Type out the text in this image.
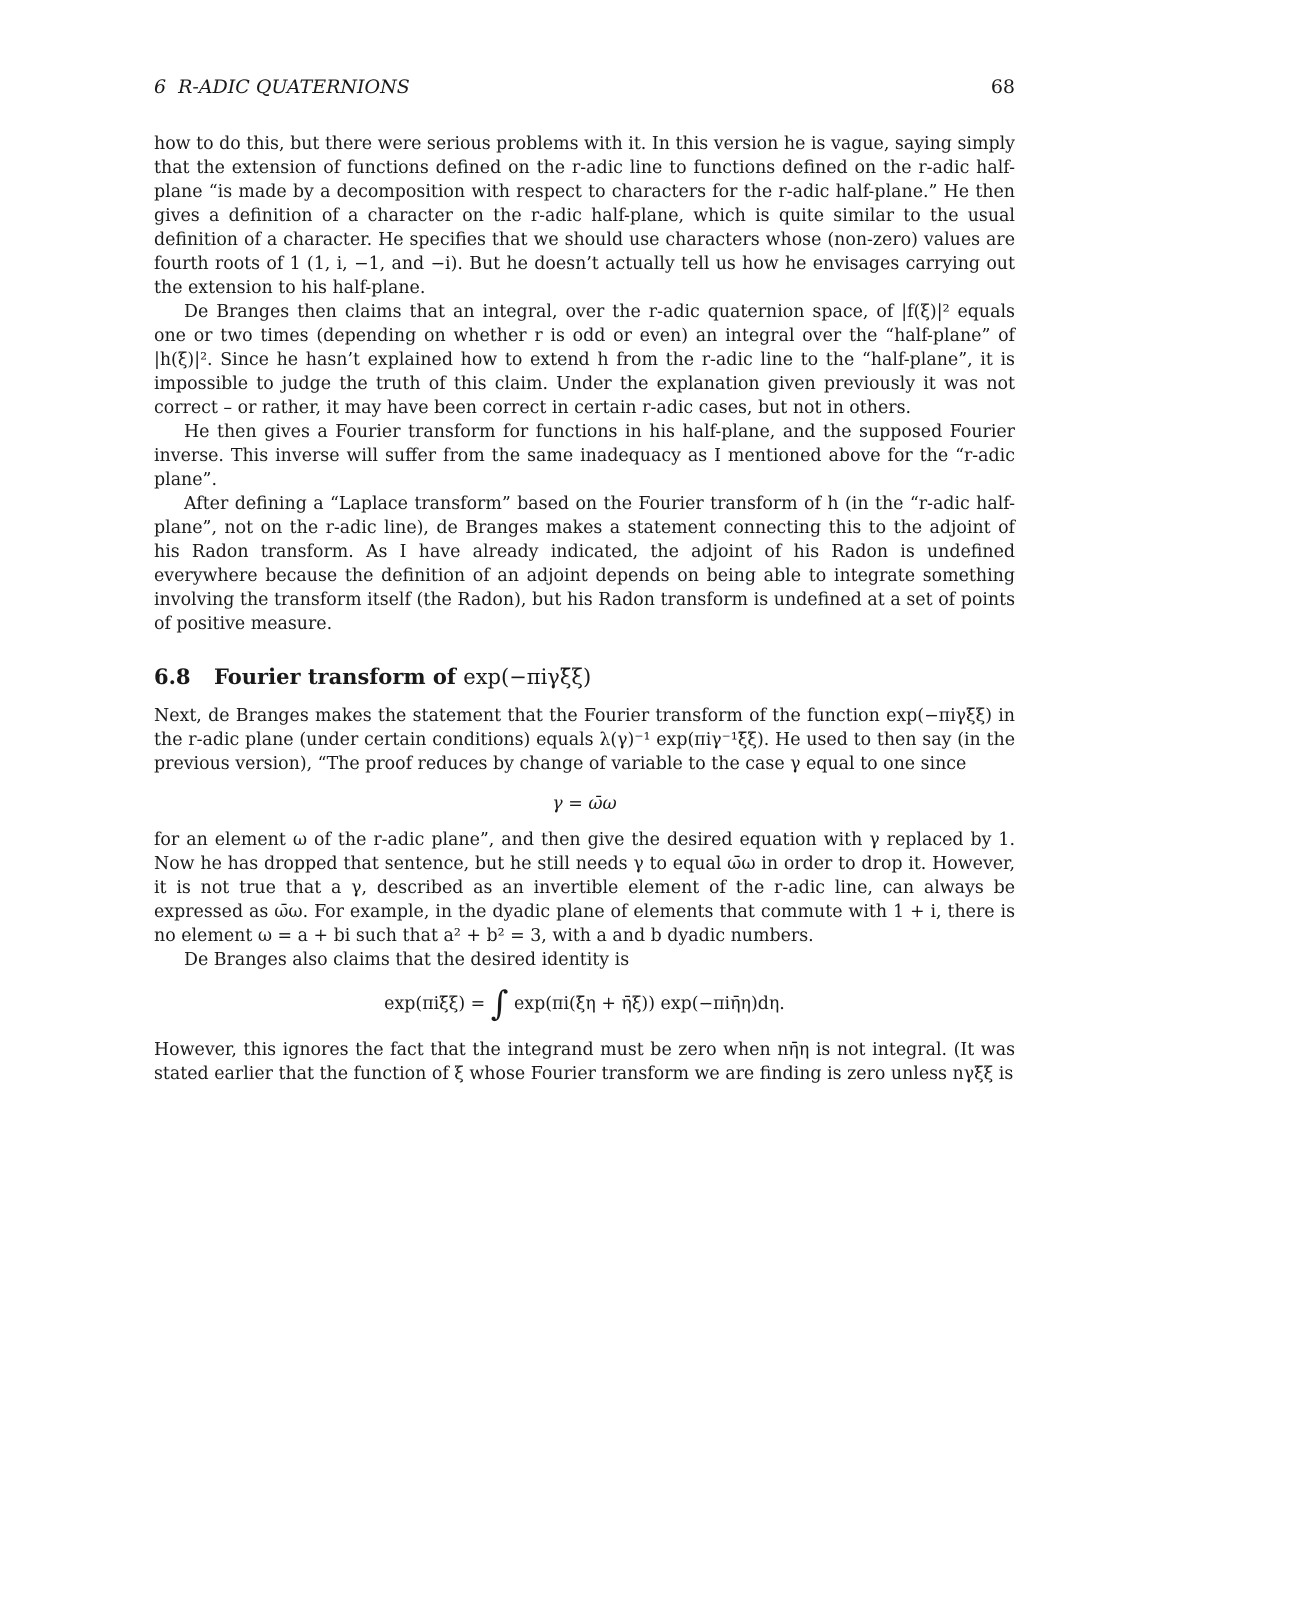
6 R-ADIC QUATERNIONS	68

how to do this, but there were serious problems with it. In this version he is vague, saying simply that the extension of functions defined on the r-adic line to functions defined on the r-adic half-plane “is made by a decomposition with respect to characters for the r-adic half-plane.” He then gives a definition of a character on the r-adic half-plane, which is quite similar to the usual definition of a character. He specifies that we should use characters whose (non-zero) values are fourth roots of 1 (1, i, −1, and −i). But he doesn’t actually tell us how he envisages carrying out the extension to his half-plane.

De Branges then claims that an integral, over the r-adic quaternion space, of |f(ξ)|² equals one or two times (depending on whether r is odd or even) an integral over the “half-plane” of |h(ξ)|². Since he hasn’t explained how to extend h from the r-adic line to the “half-plane”, it is impossible to judge the truth of this claim. Under the explanation given previously it was not correct – or rather, it may have been correct in certain r-adic cases, but not in others.

He then gives a Fourier transform for functions in his half-plane, and the supposed Fourier inverse. This inverse will suffer from the same inadequacy as I mentioned above for the “r-adic plane”.

After defining a “Laplace transform” based on the Fourier transform of h (in the “r-adic half-plane”, not on the r-adic line), de Branges makes a statement connecting this to the adjoint of his Radon transform. As I have already indicated, the adjoint of his Radon is undefined everywhere because the definition of an adjoint depends on being able to integrate something involving the transform itself (the Radon), but his Radon transform is undefined at a set of points of positive measure.

6.8 Fourier transform of exp(−πiγξ̄ξ)

Next, de Branges makes the statement that the Fourier transform of the function exp(−πiγξ̄ξ) in the r-adic plane (under certain conditions) equals λ(γ)⁻¹ exp(πiγ⁻¹ξ̄ξ). He used to then say (in the previous version), “The proof reduces by change of variable to the case γ equal to one since

γ = ω̄ω

for an element ω of the r-adic plane”, and then give the desired equation with γ replaced by 1. Now he has dropped that sentence, but he still needs γ to equal ω̄ω in order to drop it. However, it is not true that a γ, described as an invertible element of the r-adic line, can always be expressed as ω̄ω. For example, in the dyadic plane of elements that commute with 1 + i, there is no element ω = a + bi such that a² + b² = 3, with a and b dyadic numbers.

De Branges also claims that the desired identity is

exp(πiξ̄ξ) = ∫ exp(πi(ξ̄η + η̄ξ)) exp(−πiη̄η)dη.

However, this ignores the fact that the integrand must be zero when nη̄η is not integral. (It was stated earlier that the function of ξ whose Fourier transform we are finding is zero unless nγξ̄ξ is
